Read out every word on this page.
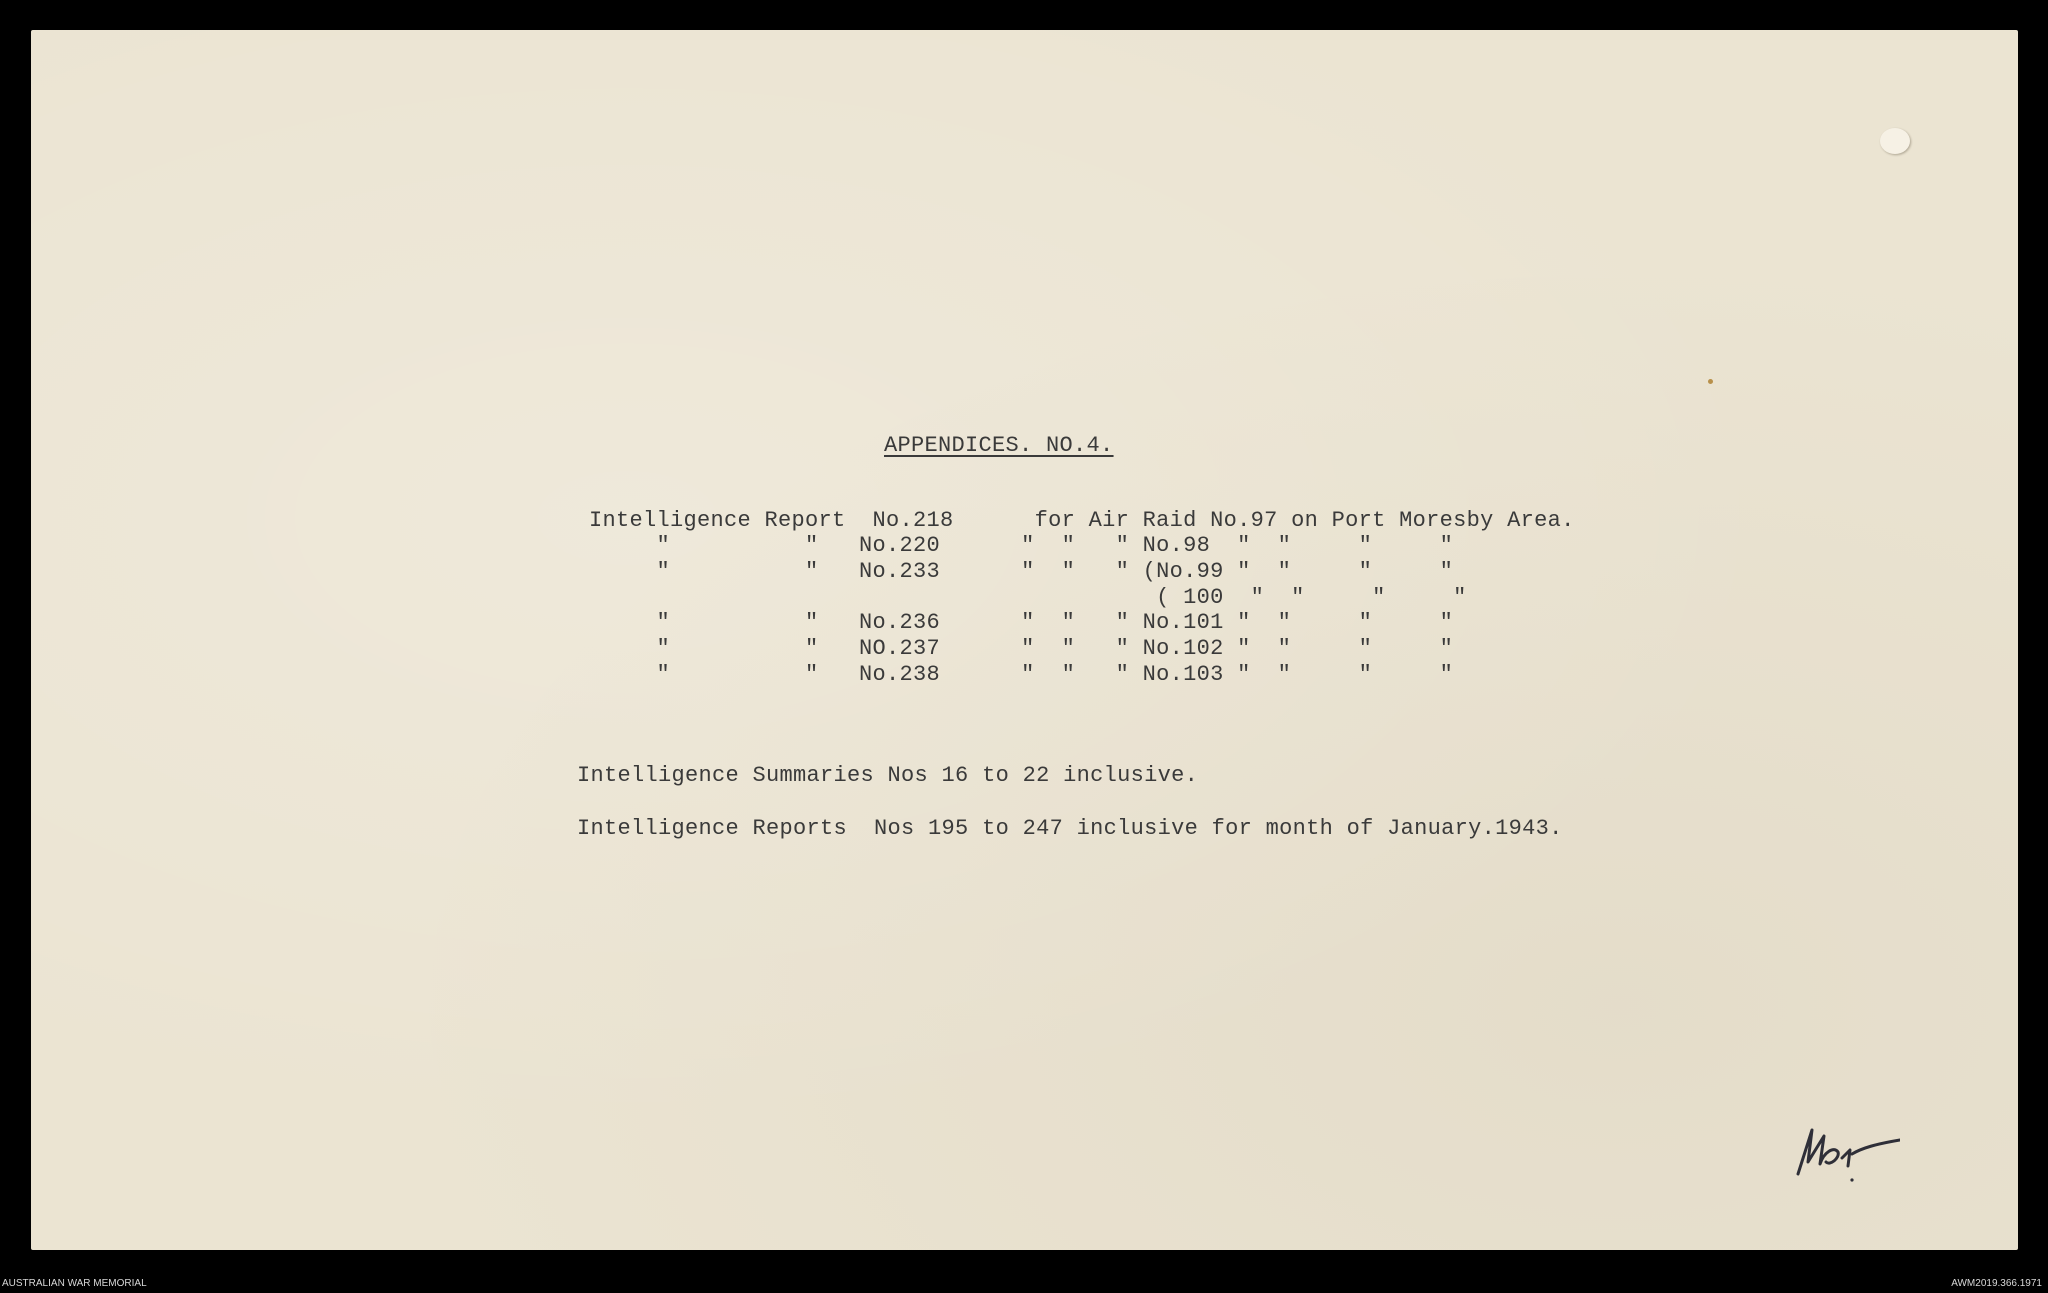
APPENDICES. NO.4.
Intelligence Report  No.218      for Air Raid No.97 on Port Moresby Area.
"          "   No.220      "  "   " No.98  "  "     "     "
"          "   No.233      "  "   " (No.99 "  "     "     "
( 100  "  "     "     "
"          "   No.236      "  "   " No.101 "  "     "     "
"          "   NO.237      "  "   " No.102 "  "     "     "
"          "   No.238      "  "   " No.103 "  "     "     "
Intelligence Summaries Nos 16 to 22 inclusive.
Intelligence Reports  Nos 195 to 247 inclusive for month of January.1943.
AUSTRALIAN WAR MEMORIAL	AWM2019.366.1971
